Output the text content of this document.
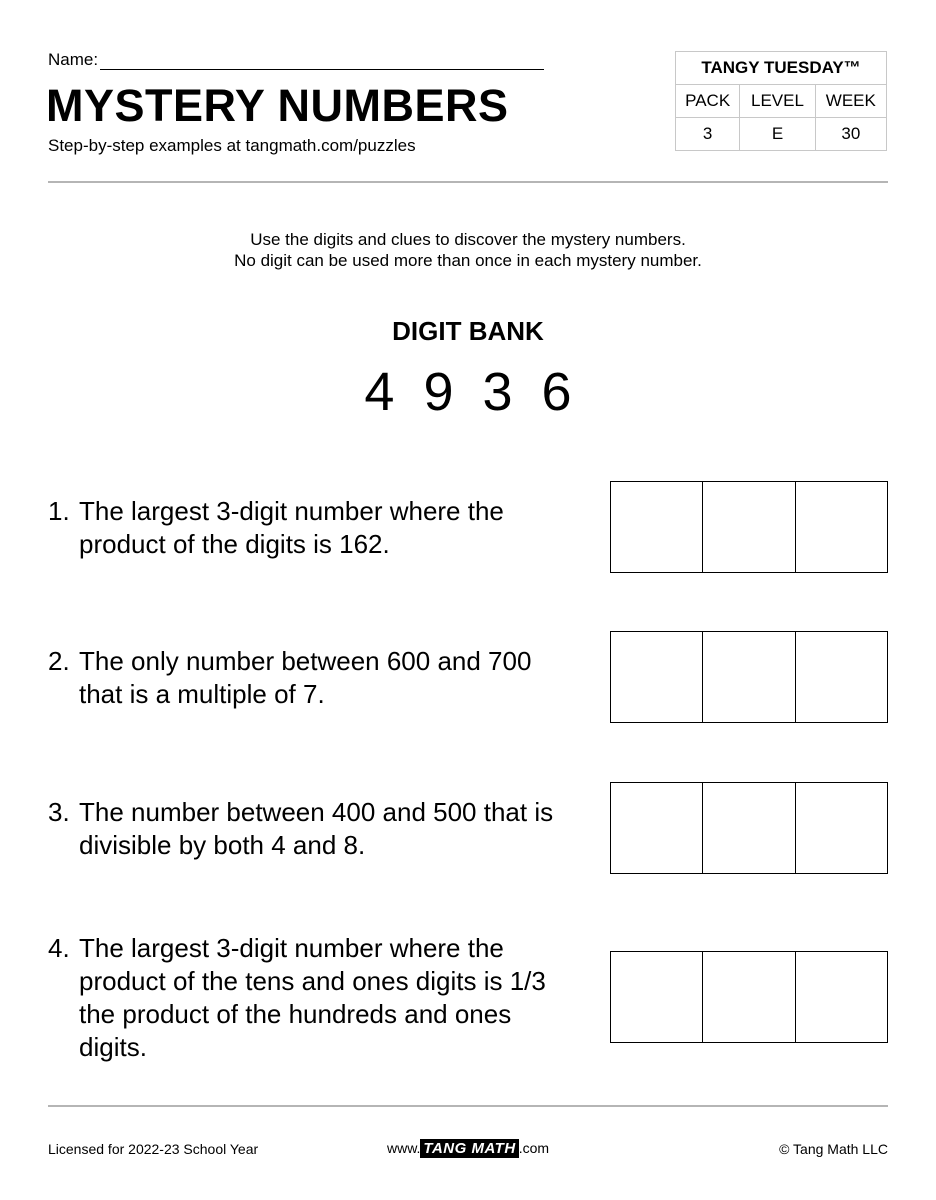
Name:
MYSTERY NUMBERS
Step-by-step examples at tangmath.com/puzzles
TANGY TUESDAY™		
PACK	LEVEL	WEEK
3	E	30
Use the digits and clues to discover the mystery numbers.
No digit can be used more than once in each mystery number.
DIGIT BANK
4 9 3 6
1. The largest 3-digit number where the product of the digits is 162.
2. The only number between 600 and 700 that is a multiple of 7.
3. The number between 400 and 500 that is divisible by both 4 and 8.
4. The largest 3-digit number where the product of the tens and ones digits is 1/3 the product of the hundreds and ones digits.
Licensed for 2022-23 School Year	www. TANG MATH .com	© Tang Math LLC
